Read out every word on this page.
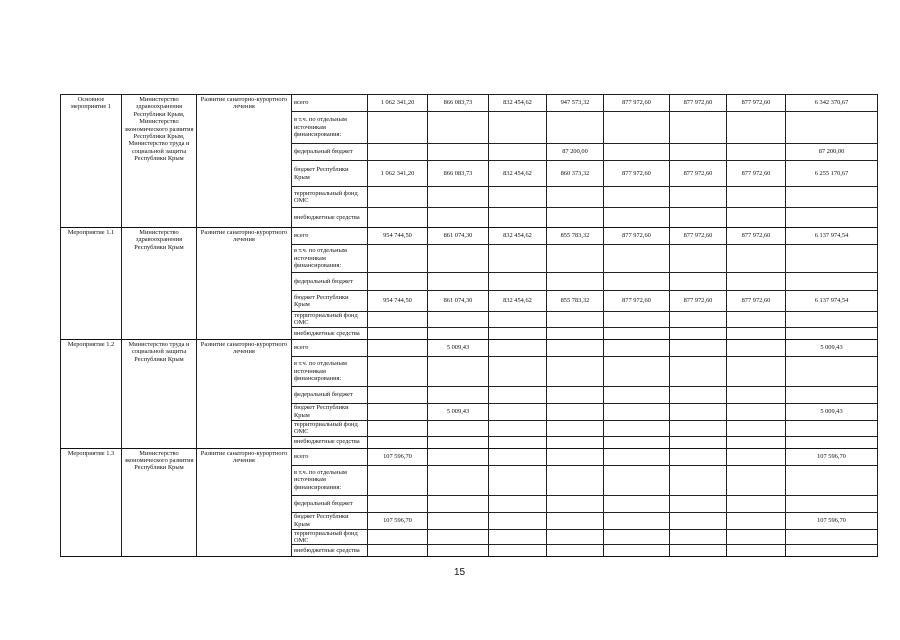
Основное мероприятие 1	Министерство здравоохранения Республики Крым, Министерство экономического развития Республики Крым, Министерство труда и социальной защиты Республики Крым	Развитие санаторно-курортного лечения	всего	1 062 341,20	866 083,73	832 454,62	947 573,32	877 972,60	877 972,60	877 972,60	6 342 370,67
			в т.ч. по отдельным источникам финансирования:								
			федеральный бюджет				87 200,00				87 200,00
			бюджет Республики Крым	1 062 341,20	866 083,73	832 454,62	860 373,32	877 972,60	877 972,60	877 972,60	6 255 170,67
			территориальный фонд ОМС								
			внебюджетные средства								
Мероприятие 1.1	Министерство здравоохранения Республики Крым	Развитие санаторно-курортного лечения	всего	954 744,50	861 074,30	832 454,62	855 783,32	877 972,60	877 972,60	877 972,60	6 137 974,54
			в т.ч. по отдельным источникам финансирования:								
			федеральный бюджет								
			бюджет Республики Крым	954 744,50	861 074,30	832 454,62	855 783,32	877 972,60	877 972,60	877 972,60	6 137 974,54
			территориальный фонд ОМС								
			внебюджетные средства								
Мероприятие 1.2	Министерство труда и социальной защиты Республики Крым	Развитие санаторно-курортного лечения	всего		5 009,43						5 009,43
			в т.ч. по отдельным источникам финансирования:								
			федеральный бюджет								
			бюджет Республики Крым		5 009,43						5 009,43
			территориальный фонд ОМС								
			внебюджетные средства								
Мероприятие 1.3	Министерство экономического развития Республики Крым	Развитие санаторно-курортного лечения	всего	107 596,70							107 596,70
			в т.ч. по отдельным источникам финансирования:								
			федеральный бюджет								
			бюджет Республики Крым	107 596,70							107 596,70
			территориальный фонд ОМС								
			внебюджетные средства								
15
